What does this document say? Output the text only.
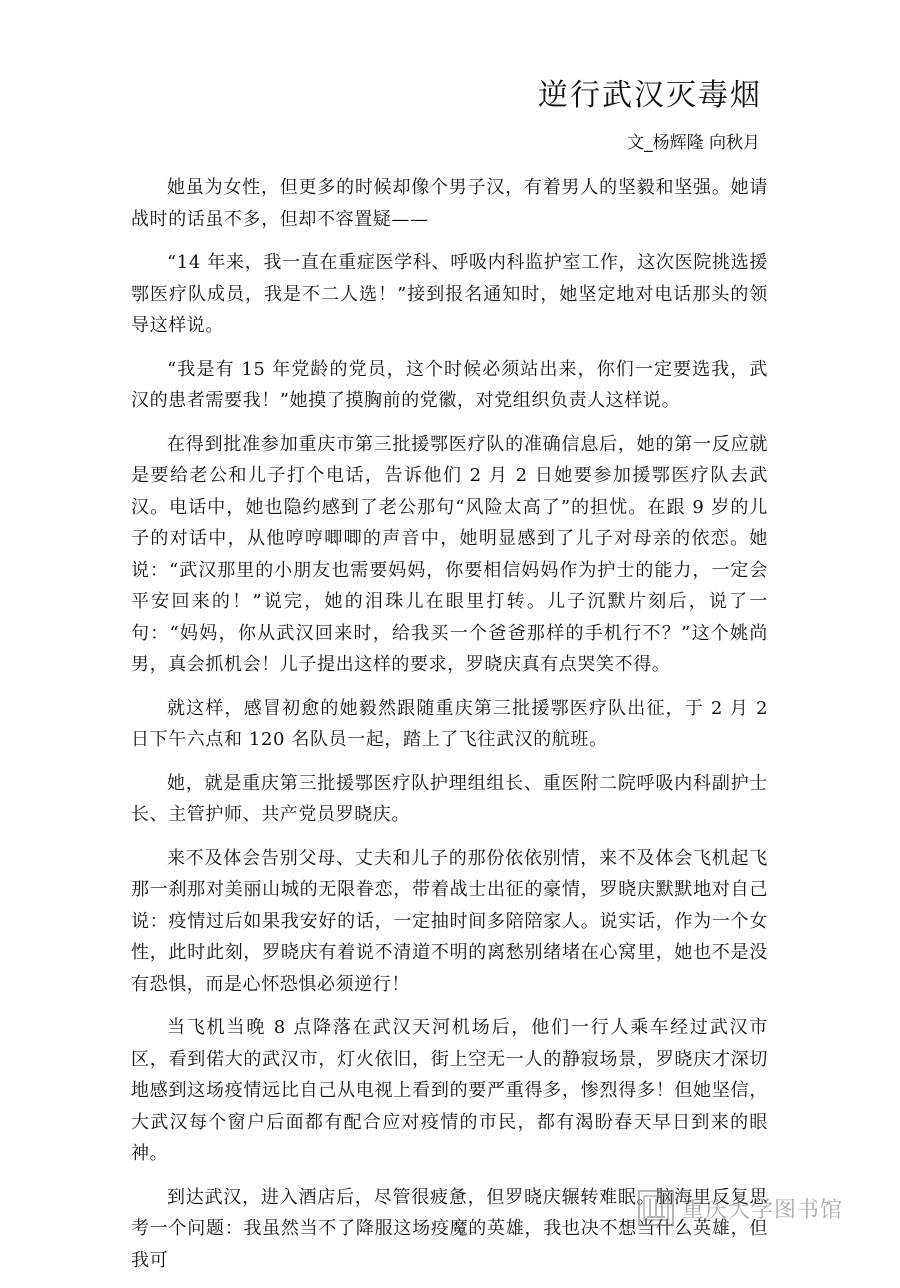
逆行武汉灭毒烟
文_杨辉隆 向秋月

她虽为女性，但更多的时候却像个男子汉，有着男人的坚毅和坚强。她请战时的话虽不多，但却不容置疑——

“14 年来，我一直在重症医学科、呼吸内科监护室工作，这次医院挑选援鄂医疗队成员，我是不二人选！”接到报名通知时，她坚定地对电话那头的领导这样说。

“我是有 15 年党龄的党员，这个时候必须站出来，你们一定要选我，武汉的患者需要我！”她摸了摸胸前的党徽，对党组织负责人这样说。

在得到批准参加重庆市第三批援鄂医疗队的准确信息后，她的第一反应就是要给老公和儿子打个电话，告诉他们 2 月 2 日她要参加援鄂医疗队去武汉。电话中，她也隐约感到了老公那句“风险太高了”的担忧。在跟 9 岁的儿子的对话中，从他哼哼唧唧的声音中，她明显感到了儿子对母亲的依恋。她说：“武汉那里的小朋友也需要妈妈，你要相信妈妈作为护士的能力，一定会平安回来的！”说完，她的泪珠儿在眼里打转。儿子沉默片刻后，说了一句：“妈妈，你从武汉回来时，给我买一个爸爸那样的手机行不？”这个姚尚男，真会抓机会！儿子提出这样的要求，罗晓庆真有点哭笑不得。

就这样，感冒初愈的她毅然跟随重庆第三批援鄂医疗队出征，于 2 月 2 日下午六点和 120 名队员一起，踏上了飞往武汉的航班。

她，就是重庆第三批援鄂医疗队护理组组长、重医附二院呼吸内科副护士长、主管护师、共产党员罗晓庆。

来不及体会告别父母、丈夫和儿子的那份依依别情，来不及体会飞机起飞那一刹那对美丽山城的无限眷恋，带着战士出征的豪情，罗晓庆默默地对自己说：疫情过后如果我安好的话，一定抽时间多陪陪家人。说实话，作为一个女性，此时此刻，罗晓庆有着说不清道不明的离愁别绪堵在心窝里，她也不是没有恐惧，而是心怀恐惧必须逆行！

当飞机当晚 8 点降落在武汉天河机场后，他们一行人乘车经过武汉市区，看到偌大的武汉市，灯火依旧，街上空无一人的静寂场景，罗晓庆才深切地感到这场疫情远比自己从电视上看到的要严重得多，惨烈得多！但她坚信，大武汉每个窗户后面都有配合应对疫情的市民，都有渴盼春天早日到来的眼神。

到达武汉，进入酒店后，尽管很疲惫，但罗晓庆辗转难眠。脑海里反复思考一个问题：我虽然当不了降服这场疫魔的英雄，我也决不想当什么英雄，但我可

重庆大学图书馆
